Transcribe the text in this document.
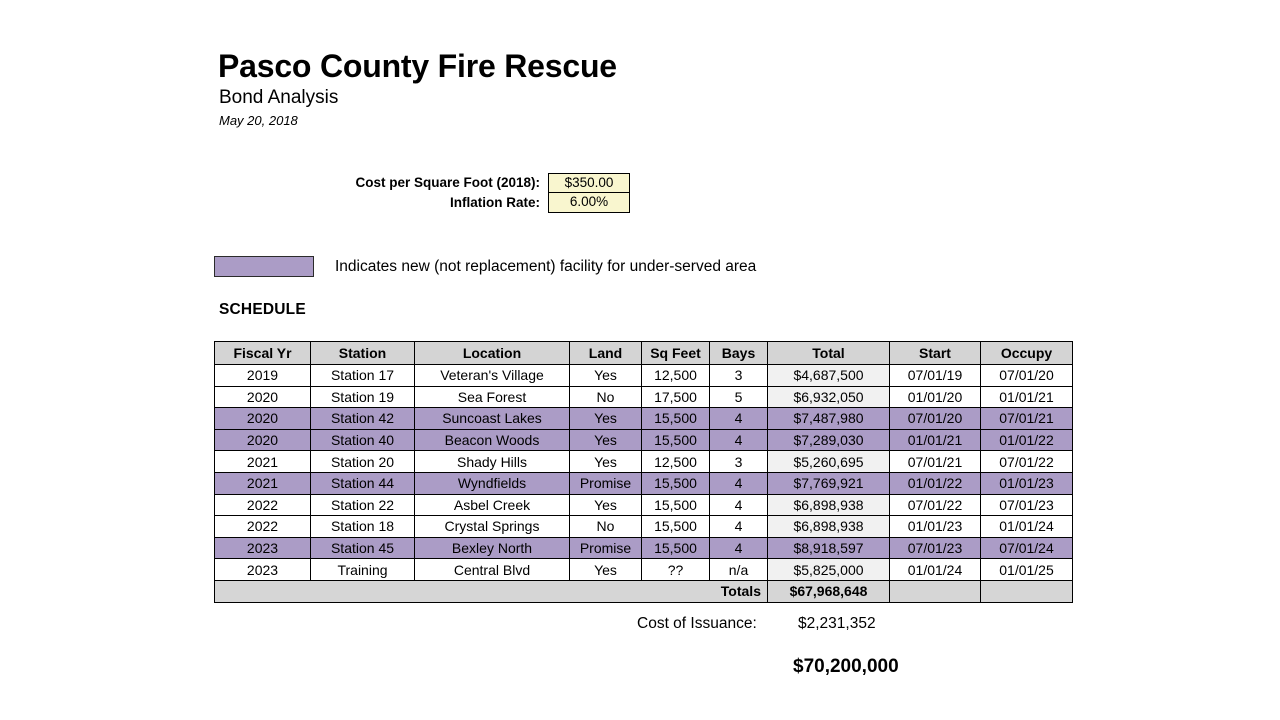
Pasco County Fire Rescue
Bond Analysis
May 20, 2018
Cost per Square Foot (2018):	$350.00
Inflation Rate:	6.00%
Indicates new (not replacement) facility for under-served area
SCHEDULE
Fiscal Yr	Station	Location	Land	Sq Feet	Bays	Total	Start	Occupy
2019	Station 17	Veteran's Village	Yes	12,500	3	$4,687,500	07/01/19	07/01/20
2020	Station 19	Sea Forest	No	17,500	5	$6,932,050	01/01/20	01/01/21
2020	Station 42	Suncoast Lakes	Yes	15,500	4	$7,487,980	07/01/20	07/01/21
2020	Station 40	Beacon Woods	Yes	15,500	4	$7,289,030	01/01/21	01/01/22
2021	Station 20	Shady Hills	Yes	12,500	3	$5,260,695	07/01/21	07/01/22
2021	Station 44	Wyndfields	Promise	15,500	4	$7,769,921	01/01/22	01/01/23
2022	Station 22	Asbel Creek	Yes	15,500	4	$6,898,938	07/01/22	07/01/23
2022	Station 18	Crystal Springs	No	15,500	4	$6,898,938	01/01/23	01/01/24
2023	Station 45	Bexley North	Promise	15,500	4	$8,918,597	07/01/23	07/01/24
2023	Training	Central Blvd	Yes	??	n/a	$5,825,000	01/01/24	01/01/25
Totals						$67,968,648		
Cost of Issuance:	$2,231,352
$70,200,000
